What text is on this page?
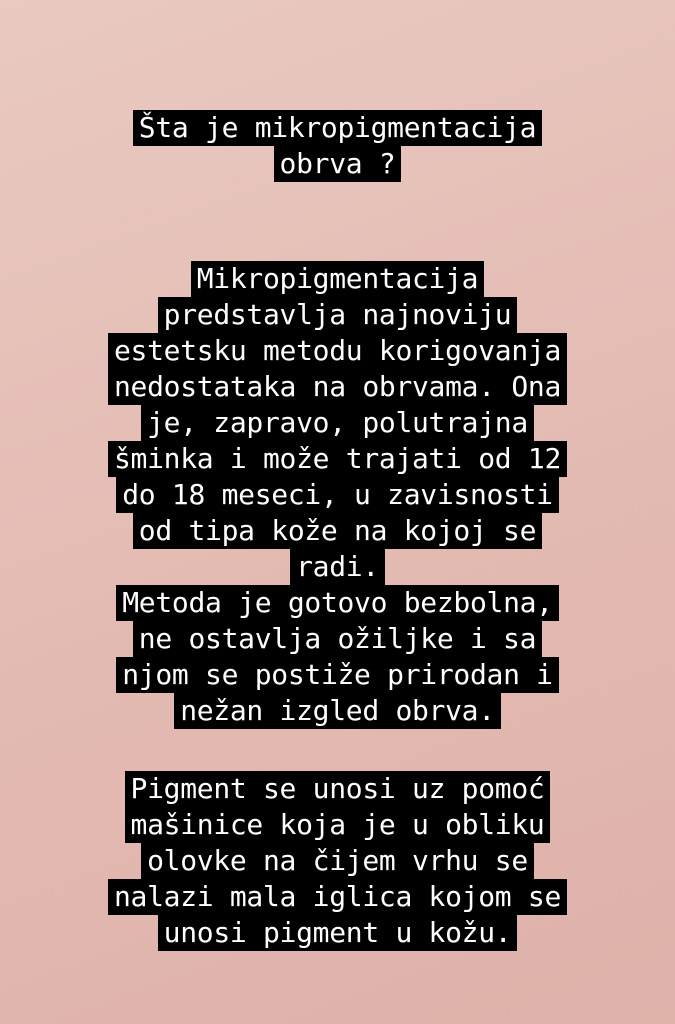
Šta je mikropigmentacija
obrva ?
Mikropigmentacija
predstavlja najnoviju
estetsku metodu korigovanja
nedostataka na obrvama. Ona
je, zapravo, polutrajna
šminka i može trajati od 12
do 18 meseci, u zavisnosti
od tipa kože na kojoj se
radi.
Metoda je gotovo bezbolna,
ne ostavlja ožiljke i sa
njom se postiže prirodan i
nežan izgled obrva.
Pigment se unosi uz pomoć
mašinice koja je u obliku
olovke na čijem vrhu se
nalazi mala iglica kojom se
unosi pigment u kožu.
